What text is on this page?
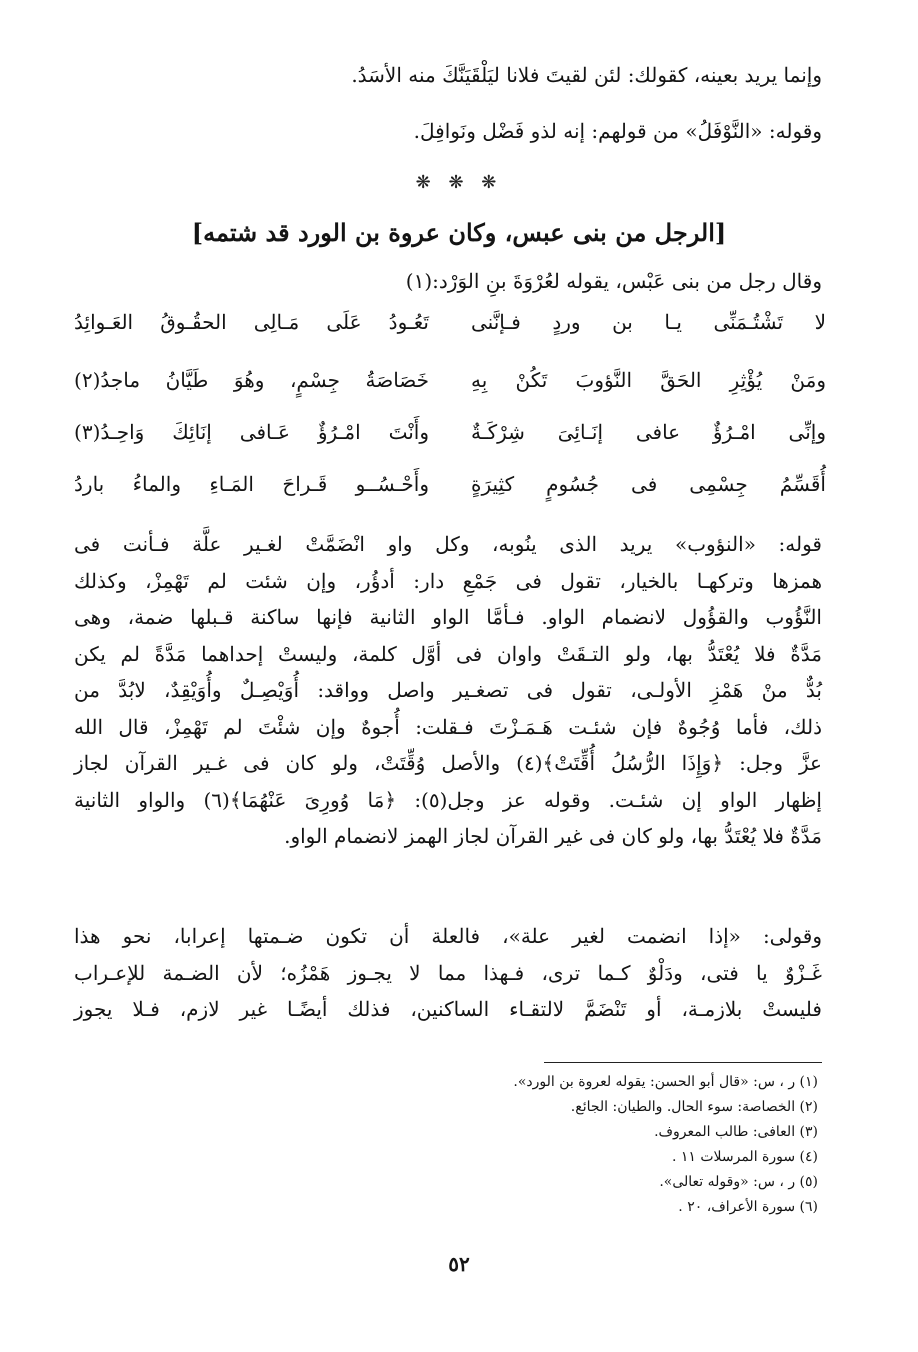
وإنما يريد بعينه، كقولك: لئن لقيتَ فلانا ليَلْقَيَنَّكَ منه الأسَدُ.
وقوله: «النَّوْفَلُ» من قولهم: إنه لذو فَضْل ونَوافِلَ.
❋ ❋ ❋
[الرجل من بنى عبس، وكان عروة بن الورد قد شتمه]
وقال رجل من بنى عَبْس، يقوله لعُرْوَةَ بنِ الوَرْد:(١)
لا تَشْتُـمَنِّى يـا بن وردٍ فـإنَّنى
تَعُـودُ عَلَى مَـالِى الحقُـوقُ العَـوائِدُ
ومَنْ يُؤْثِرِ الحَقَّ النَّؤوبَ تَكُنْ بِهِ
خَصَاصَةُ جِسْمٍ، وهُوَ طَيَّانُ ماجدُ(٢)
وإنِّى امْـرُؤٌ عافى إنَـائِىَ شِرْكَـةٌ
وأَنْتَ امْـرُؤٌ عَـافى إنَائِكَ وَاحِـدُ(٣)
أُقَسِّمُ جِسْمِى فى جُسُومٍ كثِيرَةٍ
وأَحْـسُــو قَـراحَ المَـاءِ والماءُ باردُ
قوله: «النؤوب» يريد الذى ينُوبه، وكل واو انْضَمَّتْ لغـير علَّة فـأنت فى
همزها وتركهـا بالخيار، تقول فى جَمْعِ دار: أدؤُر، وإن شئت لم تَهْمِزْ، وكذلك
النَّؤُوب والقؤُول لانضمام الواو. فـأمَّا الواو الثانية فإنها ساكنة قـبلها ضمة، وهى
مَدَّةٌ فلا يُعْتَدُّ بها، ولو التـقَتْ واوان فى أوَّل كلمة، وليستْ إحداهما مَدَّةً لم يكن
بُدٌّ منْ هَمْزِ الأولـى، تقول فى تصغـير واصل وواقد: أُوَيْصِـلٌ وأُوَيْقِدٌ، لابُدَّ من
ذلك، فأما وُجُوهٌ فإن شئـت هَـمَـزْتَ فـقلت: أُجوهٌ وإن شئْتَ لم تَهْمِزْ، قال الله
عزَّ وجل: ﴿وَإِذَا الرُّسُلُ أُقِّتَتْ﴾(٤) والأصل وُقِّتَتْ، ولو كان فى غـير القرآن لجاز
إظهار الواو إن شئـت. وقوله عز وجل(٥): ﴿مَا وُورِىَ عَنْهُمَا﴾(٦) والواو الثانية
مَدَّةٌ فلا يُعْتَدُّ بها، ولو كان فى غير القرآن لجاز الهمز لانضمام الواو.
وقولى: «إذا انضمت لغير علة»، فالعلة أن تكون ضـمتها إعرابا، نحو هذا
غَـزْوٌ يا فتى، ودَلْوٌ كـما ترى، فـهذا مما لا يجـوز هَمْزُه؛ لأن الضـمة للإعـراب
فليستْ بلازمـة، أو تَنْضَمَّ لالتقـاء الساكنين، فذلك أيضًـا غير لازم، فـلا يجوز
(١) ر ، س: «قال أبو الحسن: يقوله لعروة بن الورد».
(٢) الخصاصة: سوء الحال. والطيان: الجائع.
(٣) العافى: طالب المعروف.
(٤) سورة المرسلات ١١ .
(٥) ر ، س: «وقوله تعالى».
(٦) سورة الأعراف، ٢٠ .
٥٢
